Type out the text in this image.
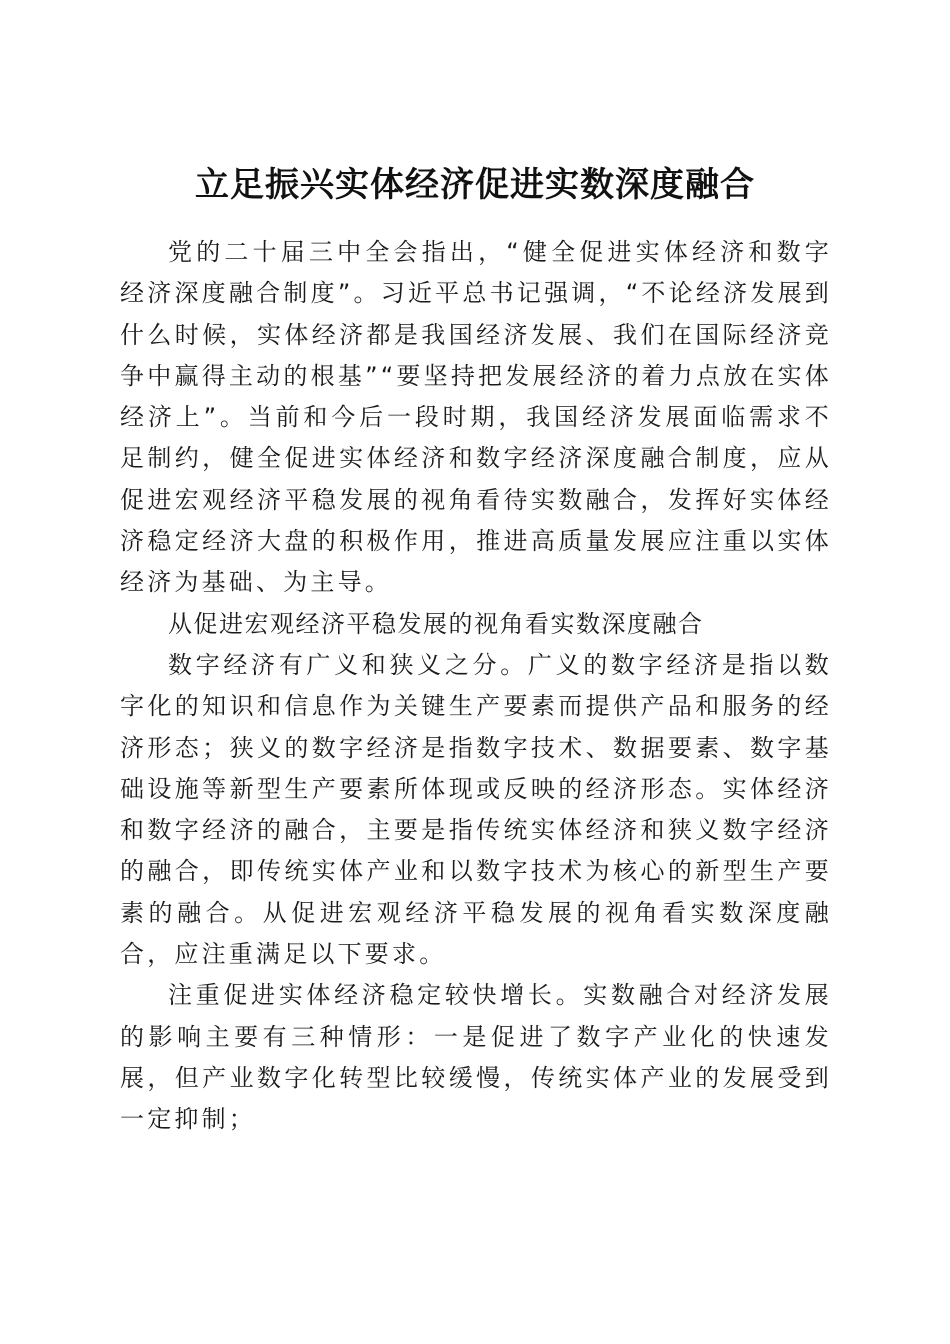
立足振兴实体经济促进实数深度融合

党的二十届三中全会指出，“健全促进实体经济和数字经济深度融合制度”。习近平总书记强调，“不论经济发展到什么时候，实体经济都是我国经济发展、我们在国际经济竞争中赢得主动的根基”“要坚持把发展经济的着力点放在实体经济上”。当前和今后一段时期，我国经济发展面临需求不足制约，健全促进实体经济和数字经济深度融合制度，应从促进宏观经济平稳发展的视角看待实数融合，发挥好实体经济稳定经济大盘的积极作用，推进高质量发展应注重以实体经济为基础、为主导。

从促进宏观经济平稳发展的视角看实数深度融合

数字经济有广义和狭义之分。广义的数字经济是指以数字化的知识和信息作为关键生产要素而提供产品和服务的经济形态；狭义的数字经济是指数字技术、数据要素、数字基础设施等新型生产要素所体现或反映的经济形态。实体经济和数字经济的融合，主要是指传统实体经济和狭义数字经济的融合，即传统实体产业和以数字技术为核心的新型生产要素的融合。从促进宏观经济平稳发展的视角看实数深度融合，应注重满足以下要求。

注重促进实体经济稳定较快增长。实数融合对经济发展的影响主要有三种情形：一是促进了数字产业化的快速发展，但产业数字化转型比较缓慢，传统实体产业的发展受到一定抑制；
